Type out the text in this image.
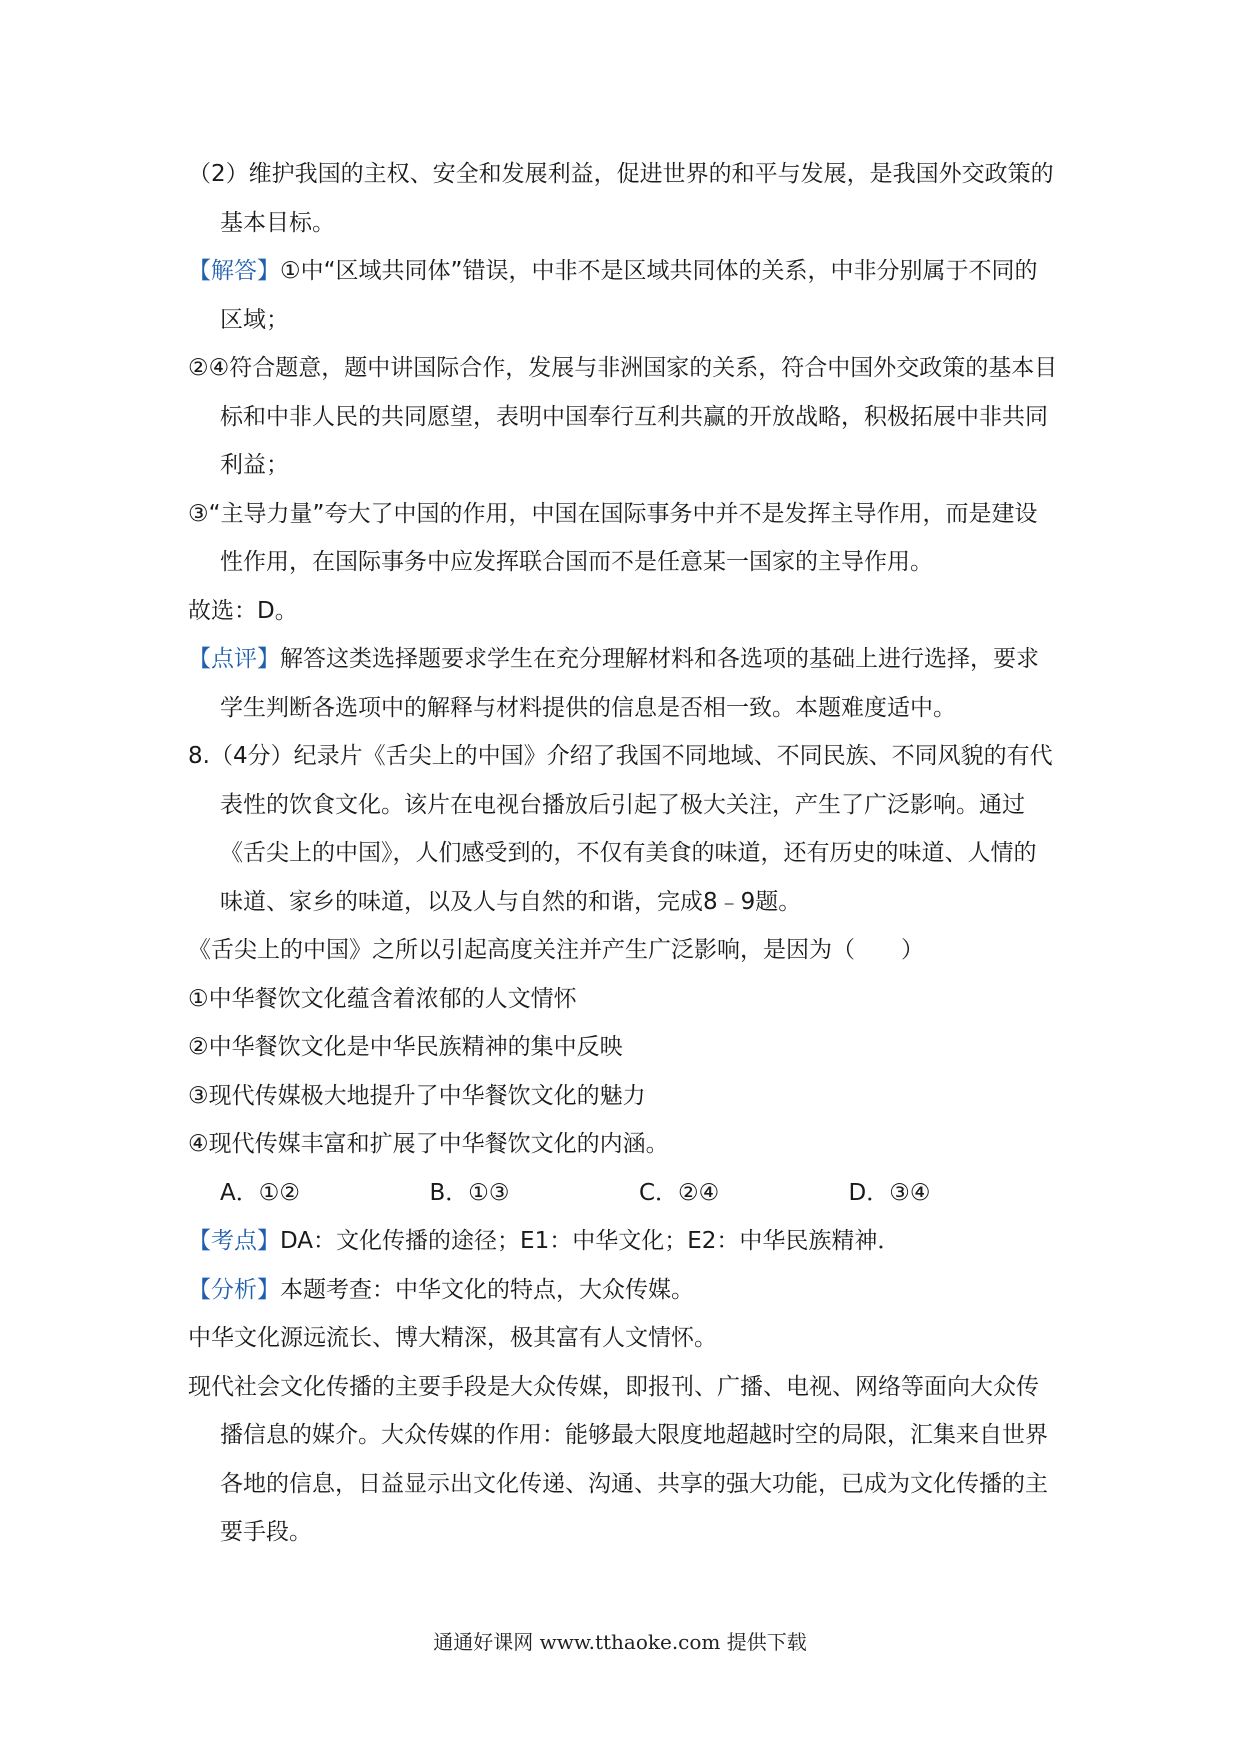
（2）维护我国的主权、安全和发展利益，促进世界的和平与发展，是我国外交政策的基本目标。

【解答】①中“区域共同体”错误，中非不是区域共同体的关系，中非分别属于不同的区域；

②④符合题意，题中讲国际合作，发展与非洲国家的关系，符合中国外交政策的基本目标和中非人民的共同愿望，表明中国奉行互利共赢的开放战略，积极拓展中非共同利益；

③“主导力量”夸大了中国的作用，中国在国际事务中并不是发挥主导作用，而是建设性作用，在国际事务中应发挥联合国而不是任意某一国家的主导作用。

故选：D。

【点评】解答这类选择题要求学生在充分理解材料和各选项的基础上进行选择，要求学生判断各选项中的解释与材料提供的信息是否相一致。本题难度适中。

8.（4分）纪录片《舌尖上的中国》介绍了我国不同地域、不同民族、不同风貌的有代表性的饮食文化。该片在电视台播放后引起了极大关注，产生了广泛影响。通过《舌尖上的中国》，人们感受到的，不仅有美食的味道，还有历史的味道、人情的味道、家乡的味道，以及人与自然的和谐，完成8﹣9题。

《舌尖上的中国》之所以引起高度关注并产生广泛影响，是因为（　　）

①中华餐饮文化蕴含着浓郁的人文情怀

②中华餐饮文化是中华民族精神的集中反映

③现代传媒极大地提升了中华餐饮文化的魅力

④现代传媒丰富和扩展了中华餐饮文化的内涵。

A．①②	B．①③	C．②④	D．③④

【考点】DA：文化传播的途径；E1：中华文化；E2：中华民族精神．

【分析】本题考查：中华文化的特点，大众传媒。

中华文化源远流长、博大精深，极其富有人文情怀。

现代社会文化传播的主要手段是大众传媒，即报刊、广播、电视、网络等面向大众传播信息的媒介。大众传媒的作用：能够最大限度地超越时空的局限，汇集来自世界各地的信息，日益显示出文化传递、沟通、共享的强大功能，已成为文化传播的主要手段。

通通好课网 www.tthaoke.com 提供下载
